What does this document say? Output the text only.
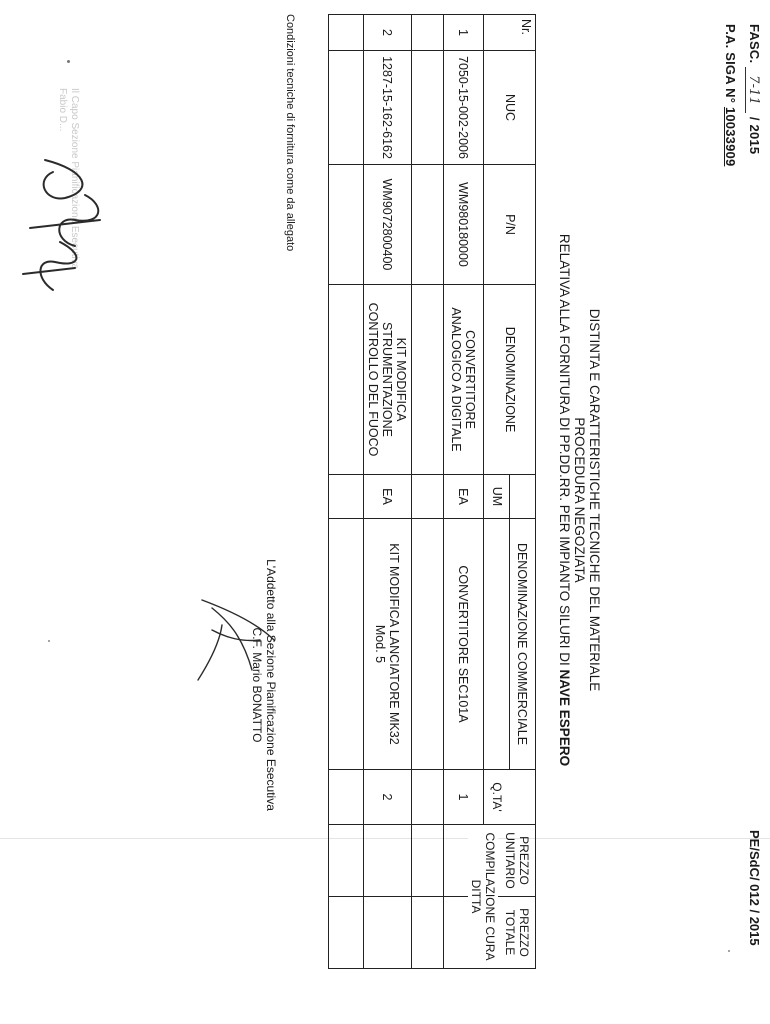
FASC. 7-11 / 2015
P.A. SIGA N° 10033909
PE/SdC/ 012 / 2015
DISTINTA E CARATTERISTICHE TECNICHE DEL MATERIALE
PROCEDURA NEGOZIATA
RELATIVA ALLA FORNITURA DI PP.DD.RR. PER IMPIANTO SILURI DI NAVE ESPERO
Nr.
NUC
P/N
DENOMINAZIONE
UM
DENOMINAZIONE COMMERCIALE
Q.TA'
PREZZO UNITARIO
PREZZO TOTALE
COMPILAZIONE CURA DITTA
1
7050-15-002-2006
WM980180000
CONVERTITORE ANALOGICO A DIGITALE
EA
CONVERTITORE SEC101A
1
2
1287-15-162-6162
WM9072800400
KIT MODIFICA STRUMENTAZIONE CONTROLLO DEL FUOCO
EA
KIT MODIFICA LANCIATORE MK32 Mod. 5
2
Condizioni tecniche di fornitura come da allegato
L'Addetto alla Sezione Pianificazione Esecutiva
C.F. Mario BONATTO
Il Capo Sezione Pianificazione Esecutiva
Fabio D...
